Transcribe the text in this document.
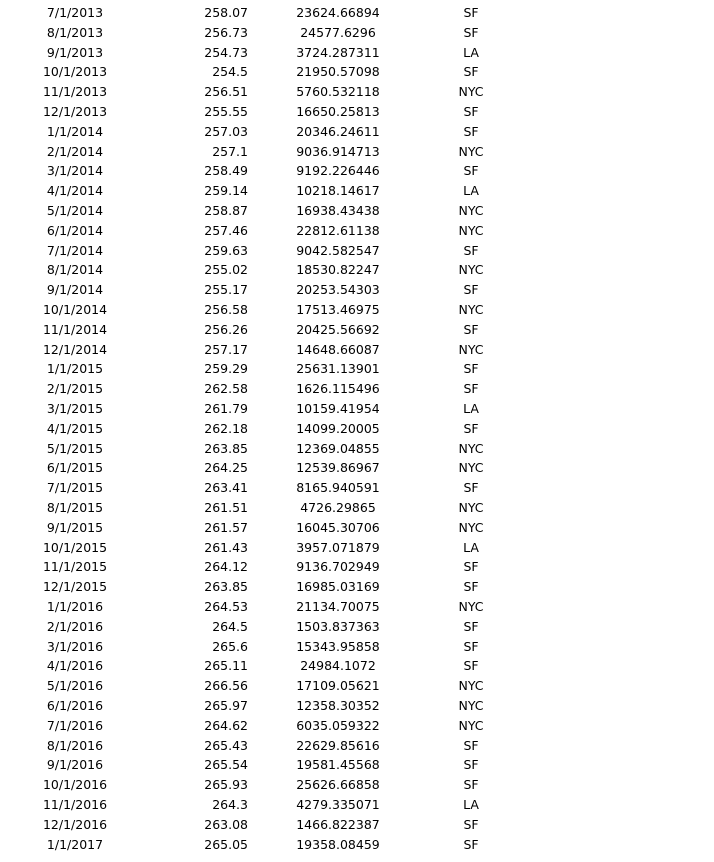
7/1/2013	258.07	23624.66894	SF
8/1/2013	256.73	24577.6296	SF
9/1/2013	254.73	3724.287311	LA
10/1/2013	254.5	21950.57098	SF
11/1/2013	256.51	5760.532118	NYC
12/1/2013	255.55	16650.25813	SF
1/1/2014	257.03	20346.24611	SF
2/1/2014	257.1	9036.914713	NYC
3/1/2014	258.49	9192.226446	SF
4/1/2014	259.14	10218.14617	LA
5/1/2014	258.87	16938.43438	NYC
6/1/2014	257.46	22812.61138	NYC
7/1/2014	259.63	9042.582547	SF
8/1/2014	255.02	18530.82247	NYC
9/1/2014	255.17	20253.54303	SF
10/1/2014	256.58	17513.46975	NYC
11/1/2014	256.26	20425.56692	SF
12/1/2014	257.17	14648.66087	NYC
1/1/2015	259.29	25631.13901	SF
2/1/2015	262.58	1626.115496	SF
3/1/2015	261.79	10159.41954	LA
4/1/2015	262.18	14099.20005	SF
5/1/2015	263.85	12369.04855	NYC
6/1/2015	264.25	12539.86967	NYC
7/1/2015	263.41	8165.940591	SF
8/1/2015	261.51	4726.29865	NYC
9/1/2015	261.57	16045.30706	NYC
10/1/2015	261.43	3957.071879	LA
11/1/2015	264.12	9136.702949	SF
12/1/2015	263.85	16985.03169	SF
1/1/2016	264.53	21134.70075	NYC
2/1/2016	264.5	1503.837363	SF
3/1/2016	265.6	15343.95858	SF
4/1/2016	265.11	24984.1072	SF
5/1/2016	266.56	17109.05621	NYC
6/1/2016	265.97	12358.30352	NYC
7/1/2016	264.62	6035.059322	NYC
8/1/2016	265.43	22629.85616	SF
9/1/2016	265.54	19581.45568	SF
10/1/2016	265.93	25626.66858	SF
11/1/2016	264.3	4279.335071	LA
12/1/2016	263.08	1466.822387	SF
1/1/2017	265.05	19358.08459	SF
